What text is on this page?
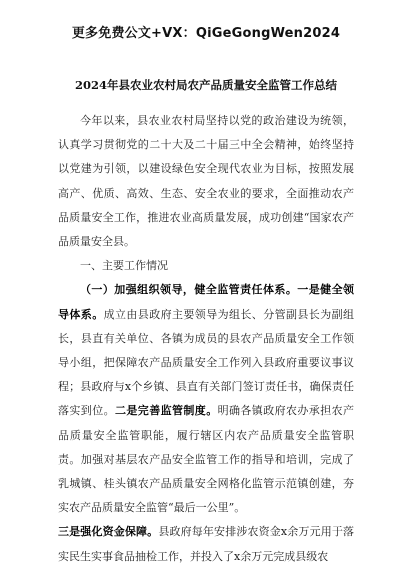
更多免费公文+VX：QiGeGongWen2024
2024年县农业农村局农产品质量安全监管工作总结

今年以来，县农业农村局坚持以党的政治建设为统领，认真学习贯彻党的二十大及二十届三中全会精神，始终坚持以党建为引领，以建设绿色安全现代农业为目标，按照发展高产、优质、高效、生态、安全农业的要求，全面推动农产品质量安全工作，推进农业高质量发展，成功创建“国家农产品质量安全县。

一、主要工作情况

（一）加强组织领导，健全监管责任体系。一是健全领导体系。成立由县政府主要领导为组长、分管副县长为副组长，县直有关单位、各镇为成员的县农产品质量安全工作领导小组，把保障农产品质量安全工作列入县政府重要议事议程；县政府与x个乡镇、县直有关部门签订责任书，确保责任落实到位。二是完善监管制度。明确各镇政府农办承担农产品质量安全监管职能，履行辖区内农产品质量安全监管职责。加强对基层农产品安全监管工作的指导和培训，完成了乳城镇、桂头镇农产品质量安全网格化监管示范镇创建，夯实农产品质量安全监管“最后一公里”。

三是强化资金保障。县政府每年安排涉农资金x余万元用于落实民生实事食品抽检工作，并投入了x余万元完成县级农
